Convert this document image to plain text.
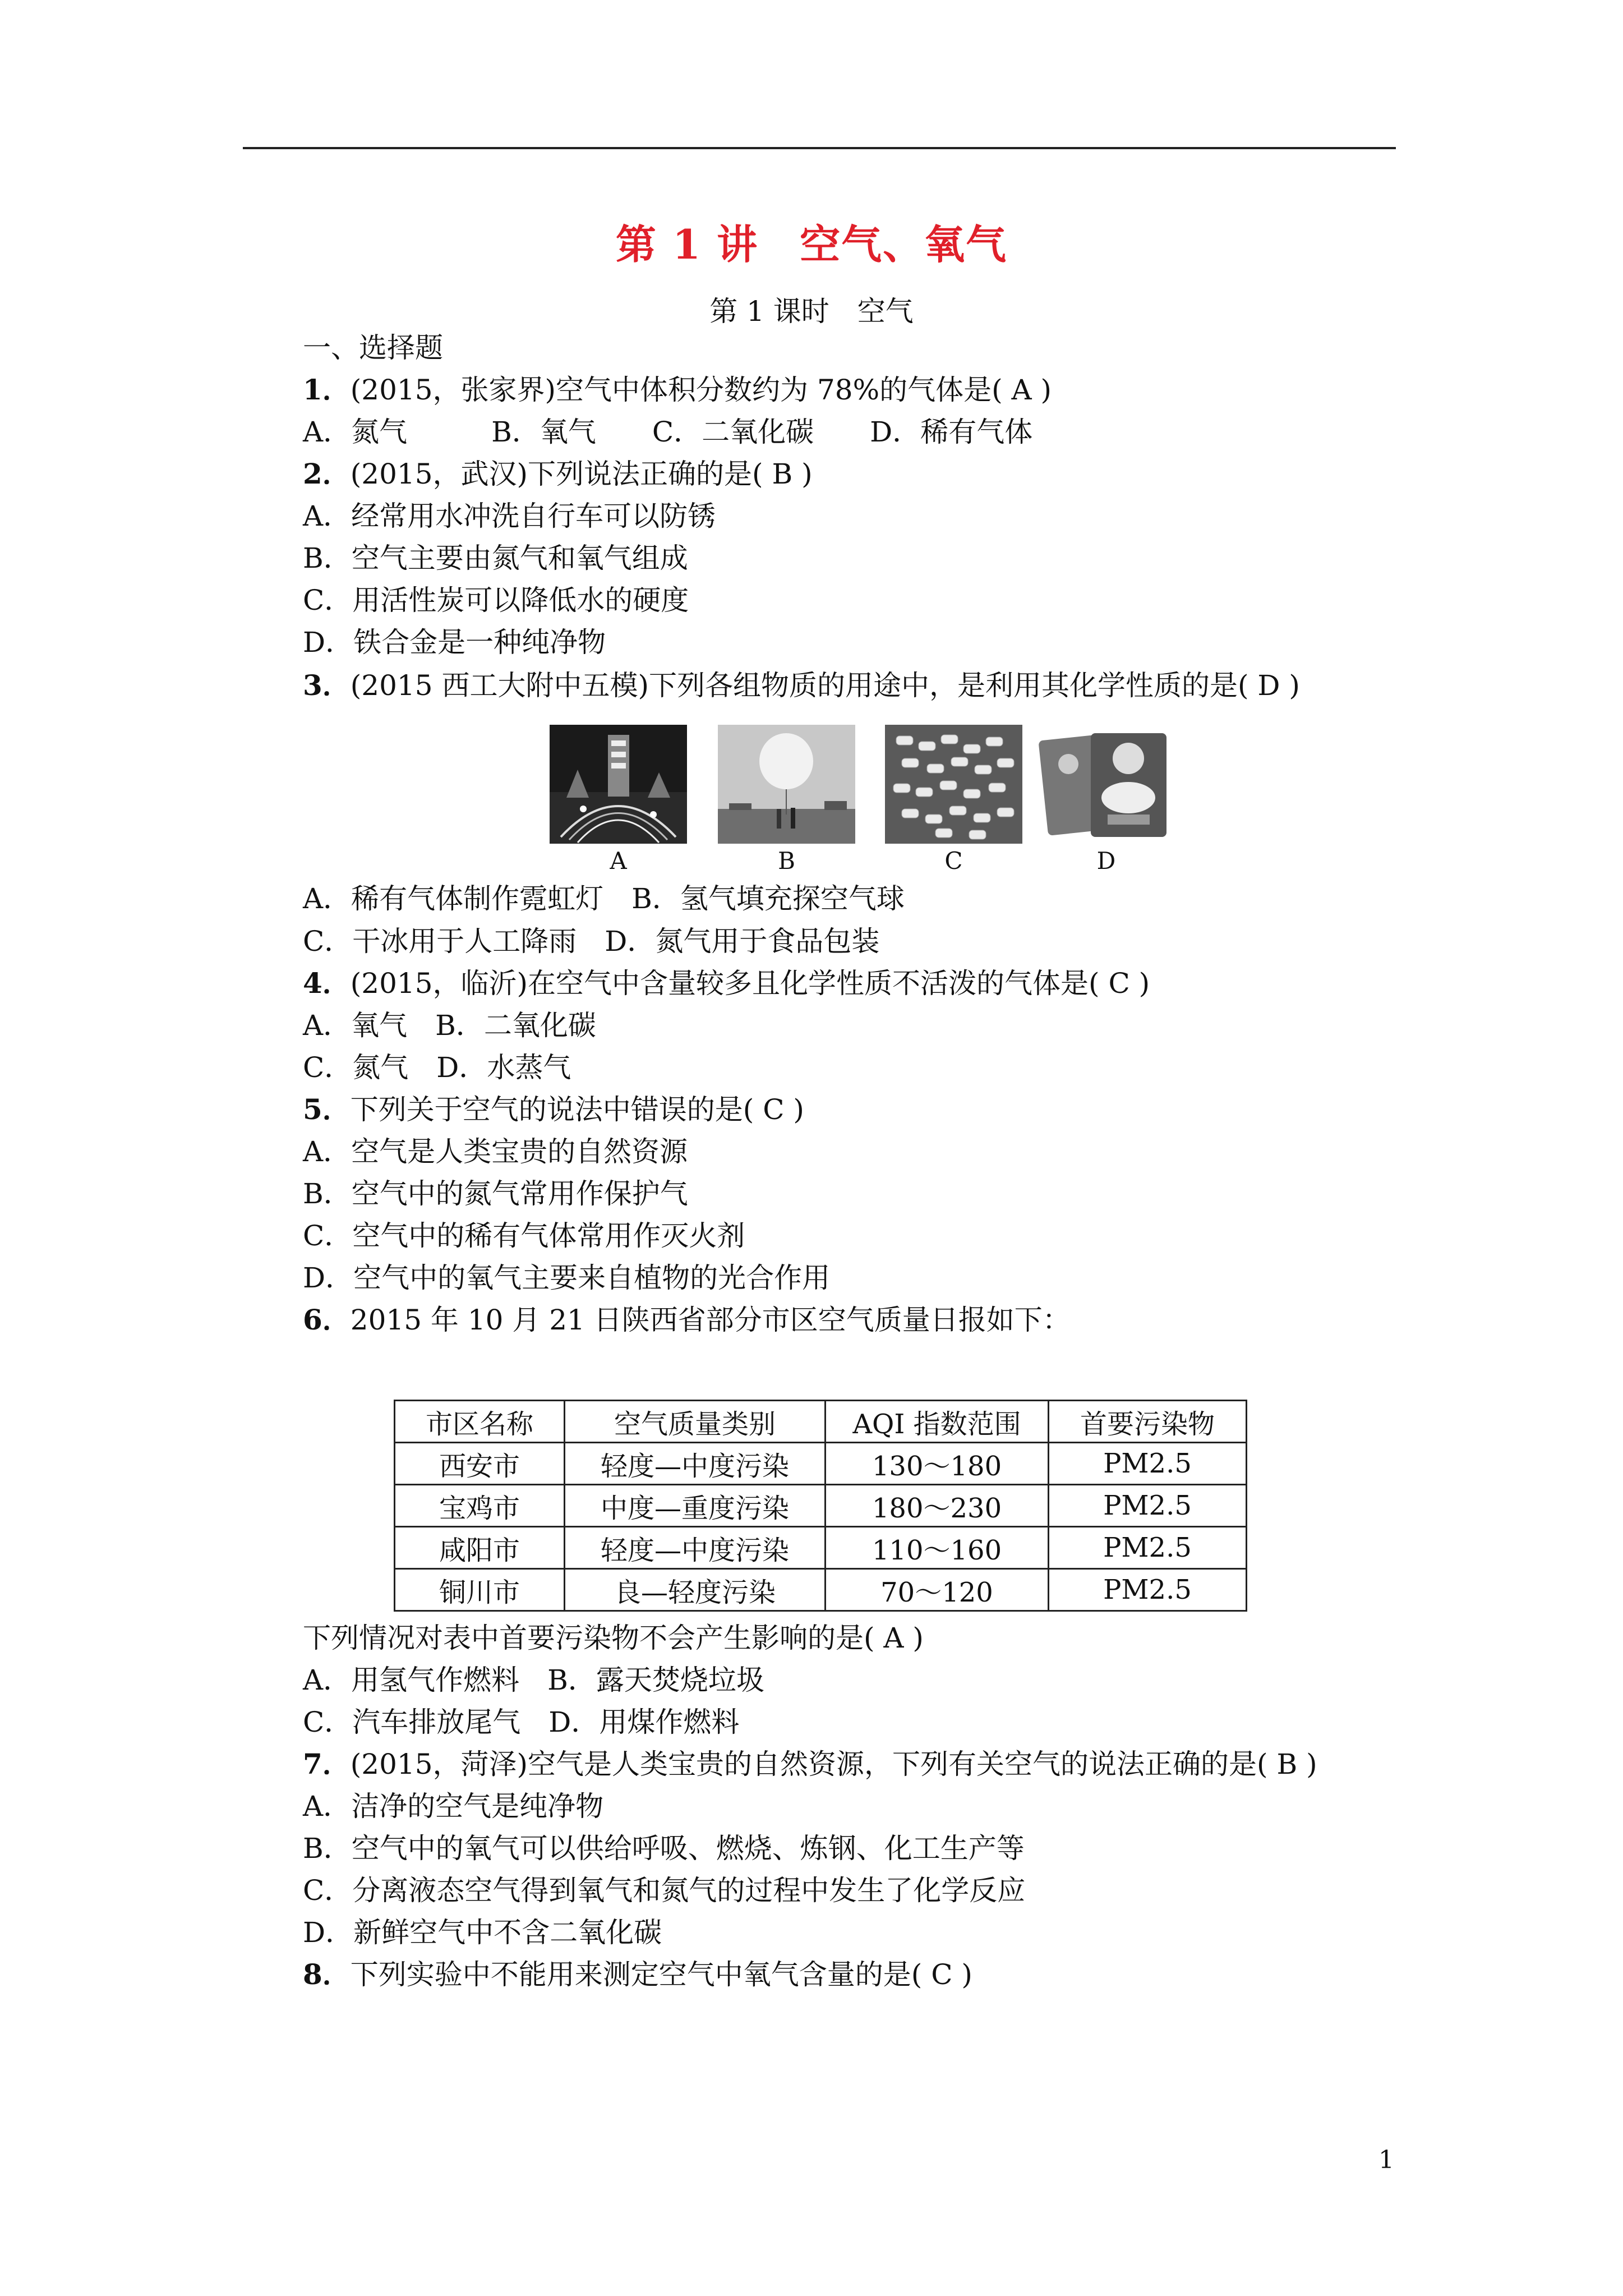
第 1 讲　空气、氧气
第 1 课时　空气
一、选择题
1．(2015，张家界)空气中体积分数约为 78%的气体是( A )
A．氮气　　　B．氧气　　C．二氧化碳　　D．稀有气体
2．(2015，武汉)下列说法正确的是( B )
A．经常用水冲洗自行车可以防锈
B．空气主要由氮气和氧气组成
C．用活性炭可以降低水的硬度
D．铁合金是一种纯净物
3．(2015 西工大附中五模)下列各组物质的用途中，是利用其化学性质的是( D )
A	B	C	D
A．稀有气体制作霓虹灯　B．氢气填充探空气球
C．干冰用于人工降雨　D．氮气用于食品包装
4．(2015，临沂)在空气中含量较多且化学性质不活泼的气体是( C )
A．氧气　B．二氧化碳
C．氮气　D．水蒸气
5．下列关于空气的说法中错误的是( C )
A．空气是人类宝贵的自然资源
B．空气中的氮气常用作保护气
C．空气中的稀有气体常用作灭火剂
D．空气中的氧气主要来自植物的光合作用
6．2015 年 10 月 21 日陕西省部分市区空气质量日报如下：
市区名称	空气质量类别	AQI 指数范围	首要污染物
西安市	轻度—中度污染	130～180	PM2.5
宝鸡市	中度—重度污染	180～230	PM2.5
咸阳市	轻度—中度污染	110～160	PM2.5
铜川市	良—轻度污染	70～120	PM2.5
下列情况对表中首要污染物不会产生影响的是( A )
A．用氢气作燃料　B．露天焚烧垃圾
C．汽车排放尾气　D．用煤作燃料
7．(2015，菏泽)空气是人类宝贵的自然资源，下列有关空气的说法正确的是( B )
A．洁净的空气是纯净物
B．空气中的氧气可以供给呼吸、燃烧、炼钢、化工生产等
C．分离液态空气得到氧气和氮气的过程中发生了化学反应
D．新鲜空气中不含二氧化碳
8．下列实验中不能用来测定空气中氧气含量的是( C )
1
